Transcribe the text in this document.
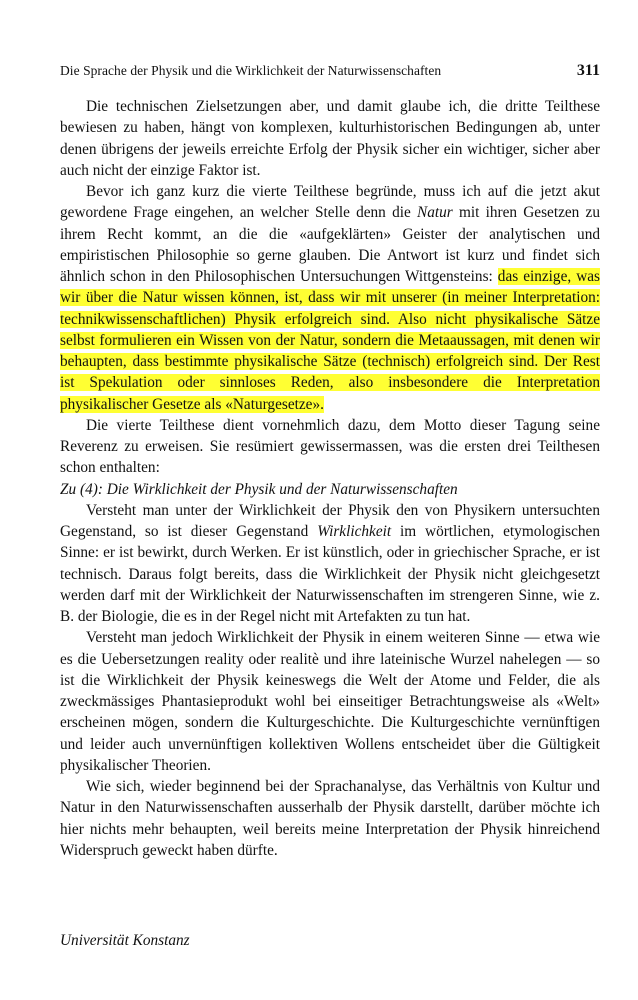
Die Sprache der Physik und die Wirklichkeit der Naturwissenschaften	311

Die technischen Zielsetzungen aber, und damit glaube ich, die dritte Teilthese bewiesen zu haben, hängt von komplexen, kulturhistorischen Bedingungen ab, unter denen übrigens der jeweils erreichte Erfolg der Physik sicher ein wichtiger, sicher aber auch nicht der einzige Faktor ist.

Bevor ich ganz kurz die vierte Teilthese begründe, muss ich auf die jetzt akut gewordene Frage eingehen, an welcher Stelle denn die Natur mit ihren Gesetzen zu ihrem Recht kommt, an die die «aufgeklärten» Geister der analytischen und empiristischen Philosophie so gerne glauben. Die Antwort ist kurz und findet sich ähnlich schon in den Philosophischen Untersuchungen Wittgensteins: das einzige, was wir über die Natur wissen können, ist, dass wir mit unserer (in meiner Interpretation: technikwissenschaftlichen) Physik erfolgreich sind. Also nicht physikalische Sätze selbst formulieren ein Wissen von der Natur, sondern die Metaaussagen, mit denen wir behaupten, dass bestimmte physikalische Sätze (technisch) erfolgreich sind. Der Rest ist Spekulation oder sinnloses Reden, also insbesondere die Interpretation physikalischer Gesetze als «Naturgesetze».

Die vierte Teilthese dient vornehmlich dazu, dem Motto dieser Tagung seine Reverenz zu erweisen. Sie resümiert gewissermassen, was die ersten drei Teilthesen schon enthalten:

Zu (4): Die Wirklichkeit der Physik und der Naturwissenschaften

Versteht man unter der Wirklichkeit der Physik den von Physikern untersuchten Gegenstand, so ist dieser Gegenstand Wirklichkeit im wörtlichen, etymologischen Sinne: er ist bewirkt, durch Werken. Er ist künstlich, oder in griechischer Sprache, er ist technisch. Daraus folgt bereits, dass die Wirklichkeit der Physik nicht gleichgesetzt werden darf mit der Wirklichkeit der Naturwissenschaften im strengeren Sinne, wie z. B. der Biologie, die es in der Regel nicht mit Artefakten zu tun hat.

Versteht man jedoch Wirklichkeit der Physik in einem weiteren Sinne — etwa wie es die Uebersetzungen reality oder realitè und ihre lateinische Wurzel nahelegen — so ist die Wirklichkeit der Physik keineswegs die Welt der Atome und Felder, die als zweckmässiges Phantasieprodukt wohl bei einseitiger Betrachtungsweise als «Welt» erscheinen mögen, sondern die Kulturgeschichte. Die Kulturgeschichte vernünftigen und leider auch unvernünftigen kollektiven Wollens entscheidet über die Gültigkeit physikalischer Theorien.

Wie sich, wieder beginnend bei der Sprachanalyse, das Verhältnis von Kultur und Natur in den Naturwissenschaften ausserhalb der Physik darstellt, darüber möchte ich hier nichts mehr behaupten, weil bereits meine Interpretation der Physik hinreichend Widerspruch geweckt haben dürfte.

Universität Konstanz
